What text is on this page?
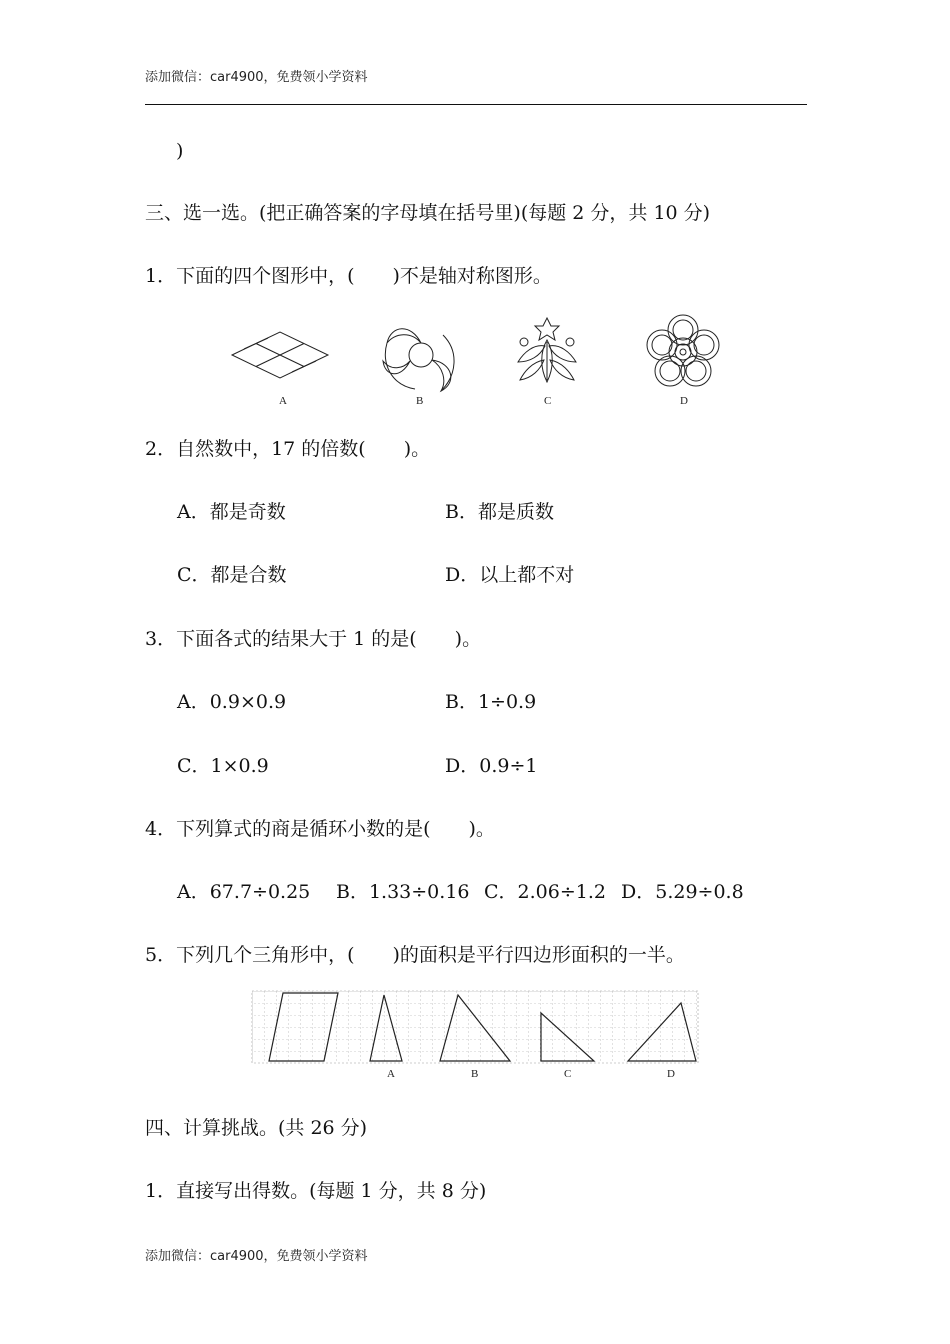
添加微信：car4900，免费领小学资料
)
三、选一选。(把正确答案的字母填在括号里)(每题 2 分，共 10 分)
1．下面的四个图形中，(　　)不是轴对称图形。
A	B	C	D
2．自然数中，17 的倍数(　　)。
A．都是奇数	B．都是质数
C．都是合数	D．以上都不对
3．下面各式的结果大于 1 的是(　　)。
A．0.9×0.9	B．1÷0.9
C．1×0.9	D．0.9÷1
4．下列算式的商是循环小数的是(　　)。
A．67.7÷0.25 B．1.33÷0.16 C．2.06÷1.2 D．5.29÷0.8
5．下列几个三角形中，(　　)的面积是平行四边形面积的一半。
A	B	C	D
四、计算挑战。(共 26 分)
1．直接写出得数。(每题 1 分，共 8 分)
添加微信：car4900，免费领小学资料
